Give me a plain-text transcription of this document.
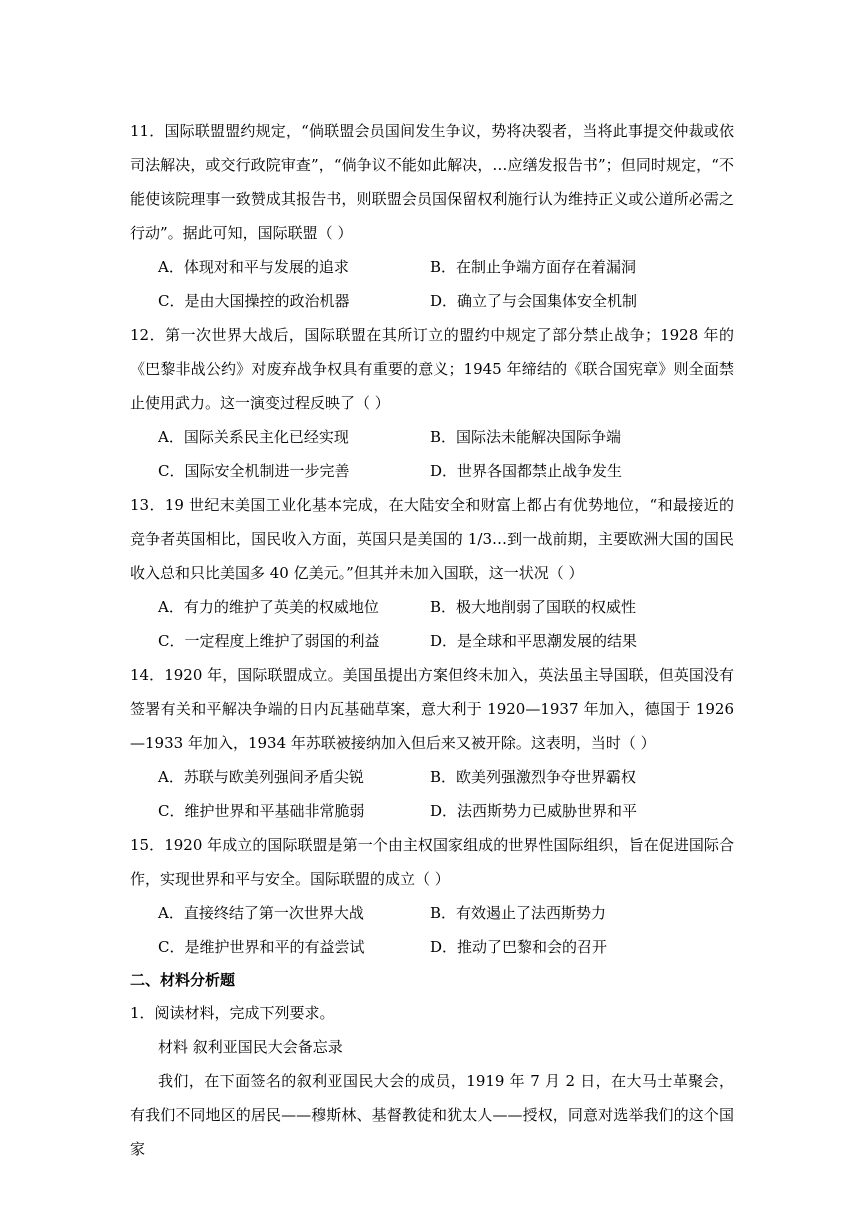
11．国际联盟盟约规定，“倘联盟会员国间发生争议，势将决裂者，当将此事提交仲裁或依司法解决，或交行政院审查”，“倘争议不能如此解决，…应缮发报告书”；但同时规定，“不能使该院理事一致赞成其报告书，则联盟会员国保留权利施行认为维持正义或公道所必需之行动”。据此可知，国际联盟（ ）

A．体现对和平与发展的追求	B．在制止争端方面存在着漏洞
C．是由大国操控的政治机器	D．确立了与会国集体安全机制

12．第一次世界大战后，国际联盟在其所订立的盟约中规定了部分禁止战争；1928 年的《巴黎非战公约》对废弃战争权具有重要的意义；1945 年缔结的《联合国宪章》则全面禁止使用武力。这一演变过程反映了（ ）

A．国际关系民主化已经实现	B．国际法未能解决国际争端
C．国际安全机制进一步完善	D．世界各国都禁止战争发生

13．19 世纪末美国工业化基本完成，在大陆安全和财富上都占有优势地位，“和最接近的竞争者英国相比，国民收入方面，英国只是美国的 1/3…到一战前期，主要欧洲大国的国民收入总和只比美国多 40 亿美元。”但其并未加入国联，这一状况（ ）

A．有力的维护了英美的权威地位	B．极大地削弱了国联的权威性
C．一定程度上维护了弱国的利益	D．是全球和平思潮发展的结果

14．1920 年，国际联盟成立。美国虽提出方案但终未加入，英法虽主导国联，但英国没有签署有关和平解决争端的日内瓦基础草案，意大利于 1920—1937 年加入，德国于 1926—1933 年加入，1934 年苏联被接纳加入但后来又被开除。这表明，当时（ ）

A．苏联与欧美列强间矛盾尖锐	B．欧美列强激烈争夺世界霸权
C．维护世界和平基础非常脆弱	D．法西斯势力已威胁世界和平

15．1920 年成立的国际联盟是第一个由主权国家组成的世界性国际组织，旨在促进国际合作，实现世界和平与安全。国际联盟的成立（ ）

A．直接终结了第一次世界大战	B．有效遏止了法西斯势力
C．是维护世界和平的有益尝试	D．推动了巴黎和会的召开

二、材料分析题

1．阅读材料，完成下列要求。

材料 叙利亚国民大会备忘录

我们，在下面签名的叙利亚国民大会的成员，1919 年 7 月 2 日，在大马士革聚会，有我们不同地区的居民——穆斯林、基督教徒和犹太人——授权，同意对选举我们的这个国家
